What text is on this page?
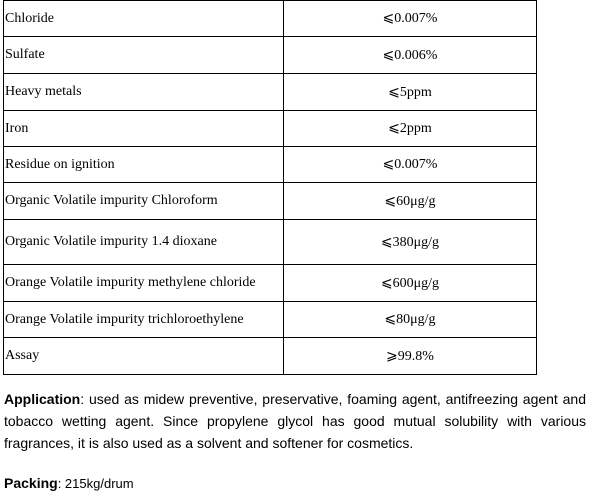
Chloride	⩽0.007%
Sulfate	⩽0.006%
Heavy metals	⩽5ppm
Iron	⩽2ppm
Residue on ignition	⩽0.007%
Organic Volatile impurity Chloroform	⩽60μg/g
Organic Volatile impurity 1.4 dioxane	⩽380μg/g
Orange Volatile impurity methylene chloride	⩽600μg/g
Orange Volatile impurity trichloroethylene	⩽80μg/g
Assay	⩾99.8%

Application: used as midew preventive, preservative, foaming agent, antifreezing agent and tobacco wetting agent. Since propylene glycol has good mutual solubility with various fragrances, it is also used as a solvent and softener for cosmetics.

Packing: 215kg/drum
